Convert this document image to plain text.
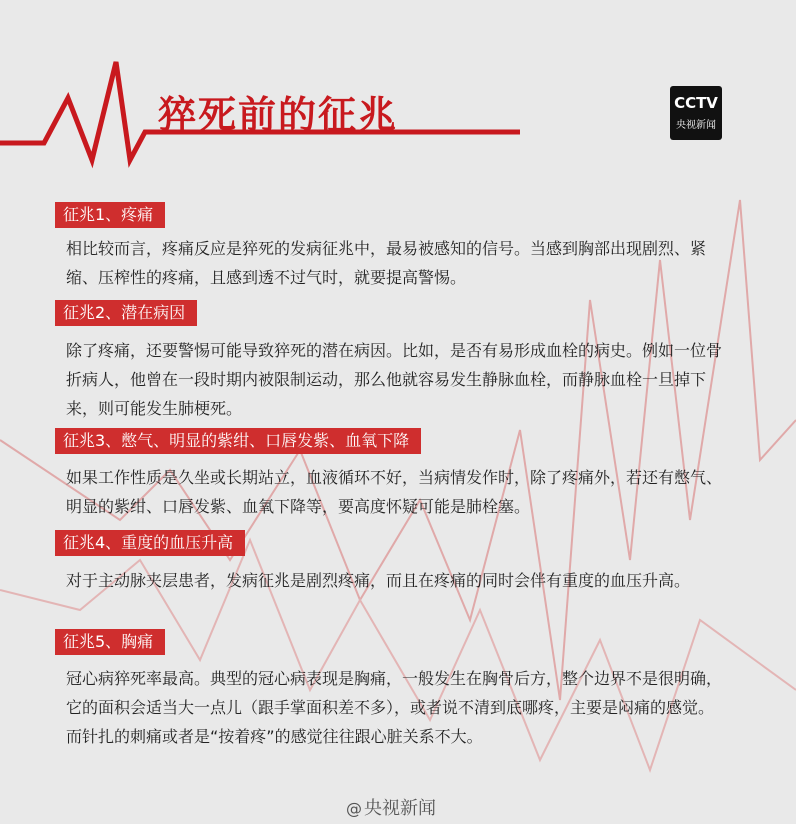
猝死前的征兆	CCTV
央视新闻
征兆1、疼痛
相比较而言，疼痛反应是猝死的发病征兆中，最易被感知的信号。当感到胸部出现剧烈、紧缩、压榨性的疼痛，且感到透不过气时，就要提高警惕。
征兆2、潜在病因
除了疼痛，还要警惕可能导致猝死的潜在病因。比如，是否有易形成血栓的病史。例如一位骨折病人，他曾在一段时期内被限制运动，那么他就容易发生静脉血栓，而静脉血栓一旦掉下来，则可能发生肺梗死。
征兆3、憋气、明显的紫绀、口唇发紫、血氧下降
如果工作性质是久坐或长期站立，血液循环不好，当病情发作时，除了疼痛外，若还有憋气、明显的紫绀、口唇发紫、血氧下降等，要高度怀疑可能是肺栓塞。
征兆4、重度的血压升高
对于主动脉夹层患者，发病征兆是剧烈疼痛，而且在疼痛的同时会伴有重度的血压升高。
征兆5、胸痛
冠心病猝死率最高。典型的冠心病表现是胸痛，一般发生在胸骨后方，整个边界不是很明确，它的面积会适当大一点儿（跟手掌面积差不多），或者说不清到底哪疼，主要是闷痛的感觉。而针扎的刺痛或者是“按着疼”的感觉往往跟心脏关系不大。
@ 央视新闻
